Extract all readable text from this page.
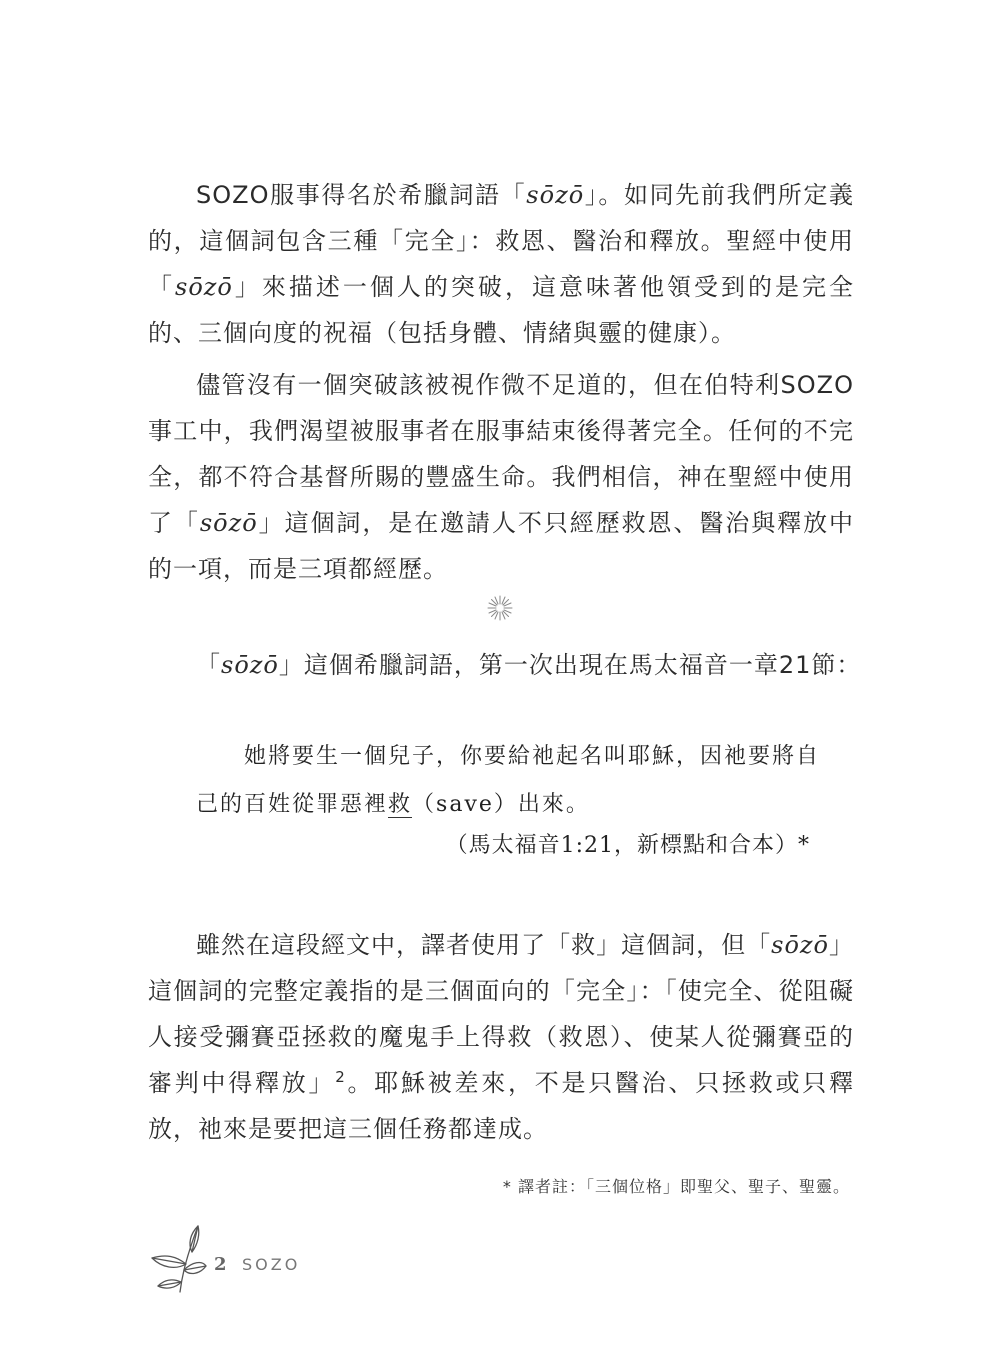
SOZO服事得名於希臘詞語「sōzō」。如同先前我們所定義的，這個詞包含三種「完全」：救恩、醫治和釋放。聖經中使用「sōzō」來描述一個人的突破，這意味著他領受到的是完全的、三個向度的祝福（包括身體、情緒與靈的健康）。

儘管沒有一個突破該被視作微不足道的，但在伯特利SOZO事工中，我們渴望被服事者在服事結束後得著完全。任何的不完全，都不符合基督所賜的豐盛生命。我們相信，神在聖經中使用了「sōzō」這個詞，是在邀請人不只經歷救恩、醫治與釋放中的一項，而是三項都經歷。

「sōzō」這個希臘詞語，第一次出現在馬太福音一章21節：

她將要生一個兒子，你要給祂起名叫耶穌，因祂要將自

己的百姓從罪惡裡救（save）出來。

（馬太福音1:21，新標點和合本）*

雖然在這段經文中，譯者使用了「救」這個詞，但「sōzō」這個詞的完整定義指的是三個面向的「完全」：「使完全、從阻礙人接受彌賽亞拯救的魔鬼手上得救（救恩）、使某人從彌賽亞的審判中得釋放」$^2$。耶穌被差來，不是只醫治、只拯救或只釋放，祂來是要把這三個任務都達成。

* 譯者註：「三個位格」即聖父、聖子、聖靈。

2 SOZO
